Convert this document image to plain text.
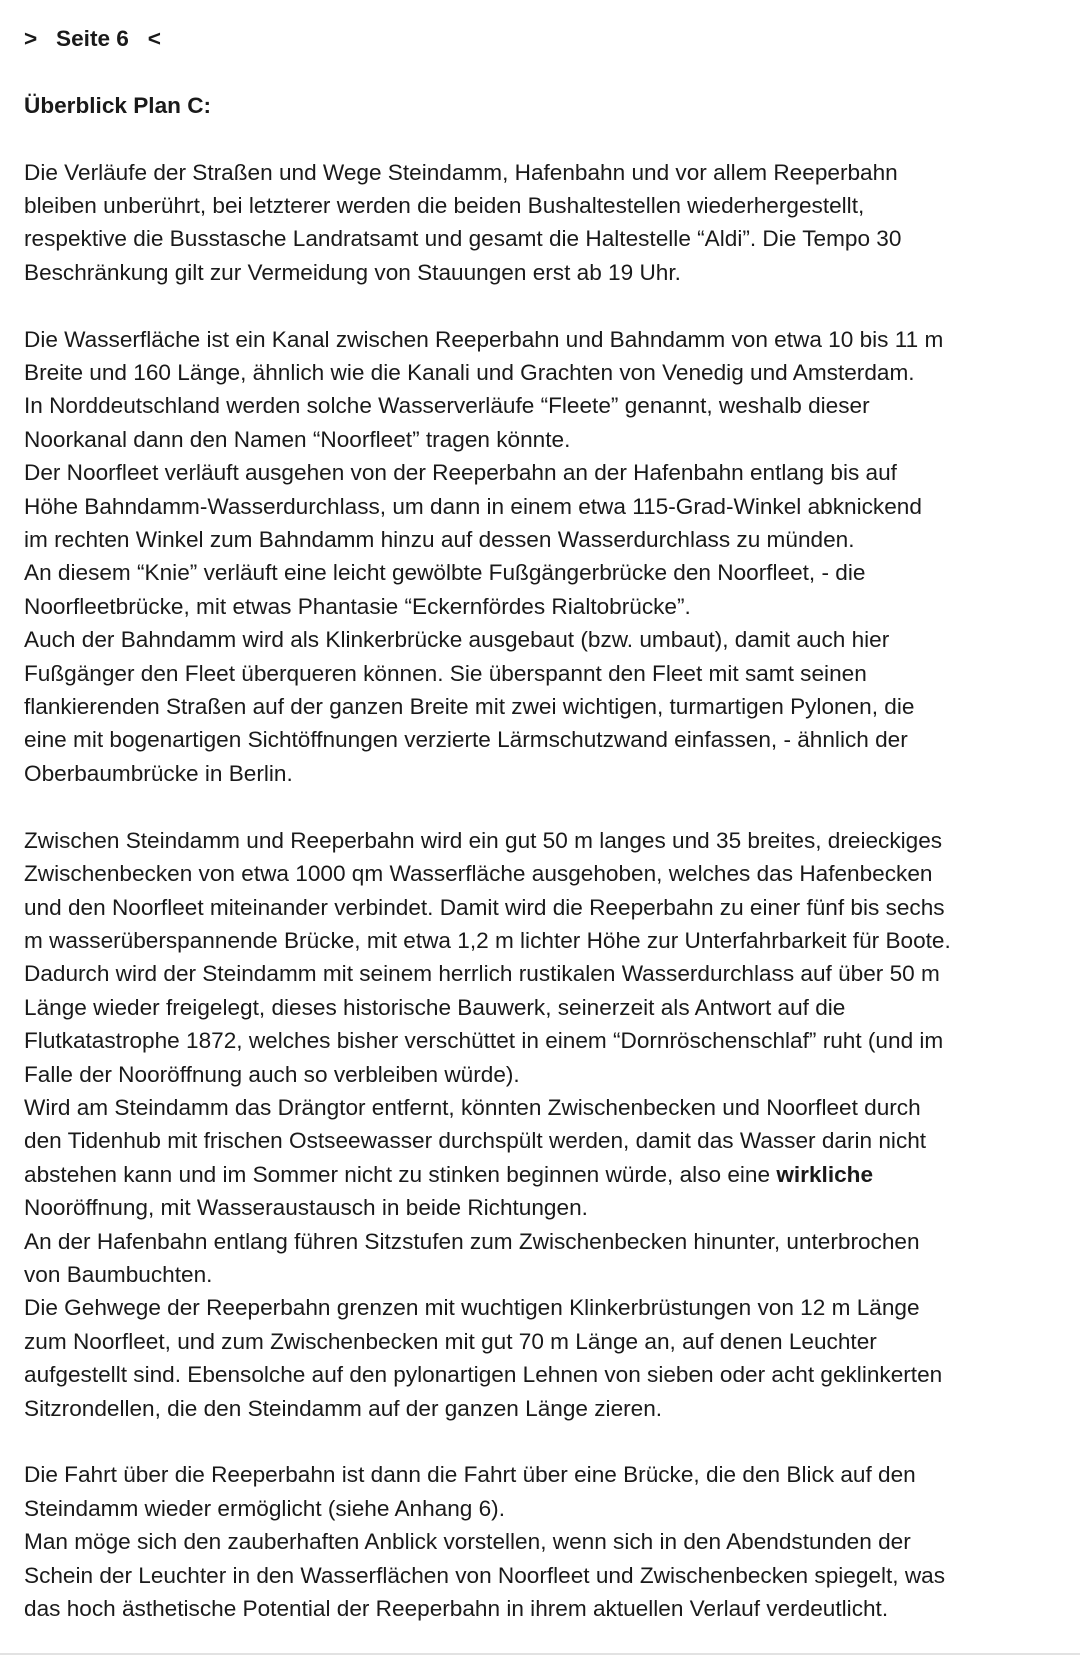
>   Seite 6   <
Überblick Plan C:
Die Verläufe der Straßen und Wege Steindamm, Hafenbahn und vor allem Reeperbahn
bleiben unberührt, bei letzterer werden die beiden Bushaltestellen wiederhergestellt,
respektive die Busstasche Landratsamt und gesamt die Haltestelle “Aldi”. Die Tempo 30
Beschränkung gilt zur Vermeidung von Stauungen erst ab 19 Uhr.
Die Wasserfläche ist ein Kanal zwischen Reeperbahn und Bahndamm von etwa 10 bis 11 m
Breite und 160 Länge, ähnlich wie die Kanali und Grachten von Venedig und Amsterdam.
In Norddeutschland werden solche Wasserverläufe “Fleete” genannt, weshalb dieser
Noorkanal dann den Namen “Noorfleet” tragen könnte.
Der Noorfleet verläuft ausgehen von der Reeperbahn an der Hafenbahn entlang bis auf
Höhe Bahndamm-Wasserdurchlass, um dann in einem etwa 115-Grad-Winkel abknickend
im rechten Winkel zum Bahndamm hinzu auf dessen Wasserdurchlass zu münden.
An diesem “Knie” verläuft eine leicht gewölbte Fußgängerbrücke den Noorfleet, - die
Noorfleetbrücke, mit etwas Phantasie “Eckernfördes Rialtobrücke”.
Auch der Bahndamm wird als Klinkerbrücke ausgebaut (bzw. umbaut), damit auch hier
Fußgänger den Fleet überqueren können. Sie überspannt den Fleet mit samt seinen
flankierenden Straßen auf der ganzen Breite mit zwei wichtigen, turmartigen Pylonen, die
eine mit bogenartigen Sichtöffnungen verzierte Lärmschutzwand einfassen, - ähnlich der
Oberbaumbrücke in Berlin.
Zwischen Steindamm und Reeperbahn wird ein gut 50 m langes und 35 breites, dreieckiges
Zwischenbecken von etwa 1000 qm Wasserfläche ausgehoben, welches das Hafenbecken
und den Noorfleet miteinander verbindet. Damit wird die Reeperbahn zu einer fünf bis sechs
m wasserüberspannende Brücke, mit etwa 1,2 m lichter Höhe zur Unterfahrbarkeit für Boote.
Dadurch wird der Steindamm mit seinem herrlich rustikalen Wasserdurchlass auf über 50 m
Länge wieder freigelegt, dieses historische Bauwerk, seinerzeit als Antwort auf die
Flutkatastrophe 1872, welches bisher verschüttet in einem “Dornröschenschlaf” ruht (und im
Falle der Nooröffnung auch so verbleiben würde).
Wird am Steindamm das Drängtor entfernt, könnten Zwischenbecken und Noorfleet durch
den Tidenhub mit frischen Ostseewasser durchspült werden, damit das Wasser darin nicht
abstehen kann und im Sommer nicht zu stinken beginnen würde, also eine wirkliche
Nooröffnung, mit Wasseraustausch in beide Richtungen.
An der Hafenbahn entlang führen Sitzstufen zum Zwischenbecken hinunter, unterbrochen
von Baumbuchten.
Die Gehwege der Reeperbahn grenzen mit wuchtigen Klinkerbrüstungen von 12 m Länge
zum Noorfleet, und zum Zwischenbecken mit gut 70 m Länge an, auf denen Leuchter
aufgestellt sind. Ebensolche auf den pylonartigen Lehnen von sieben oder acht geklinkerten
Sitzrondellen, die den Steindamm auf der ganzen Länge zieren.
Die Fahrt über die Reeperbahn ist dann die Fahrt über eine Brücke, die den Blick auf den
Steindamm wieder ermöglicht (siehe Anhang 6).
Man möge sich den zauberhaften Anblick vorstellen, wenn sich in den Abendstunden der
Schein der Leuchter in den Wasserflächen von Noorfleet und Zwischenbecken spiegelt, was
das hoch ästhetische Potential der Reeperbahn in ihrem aktuellen Verlauf verdeutlicht.
